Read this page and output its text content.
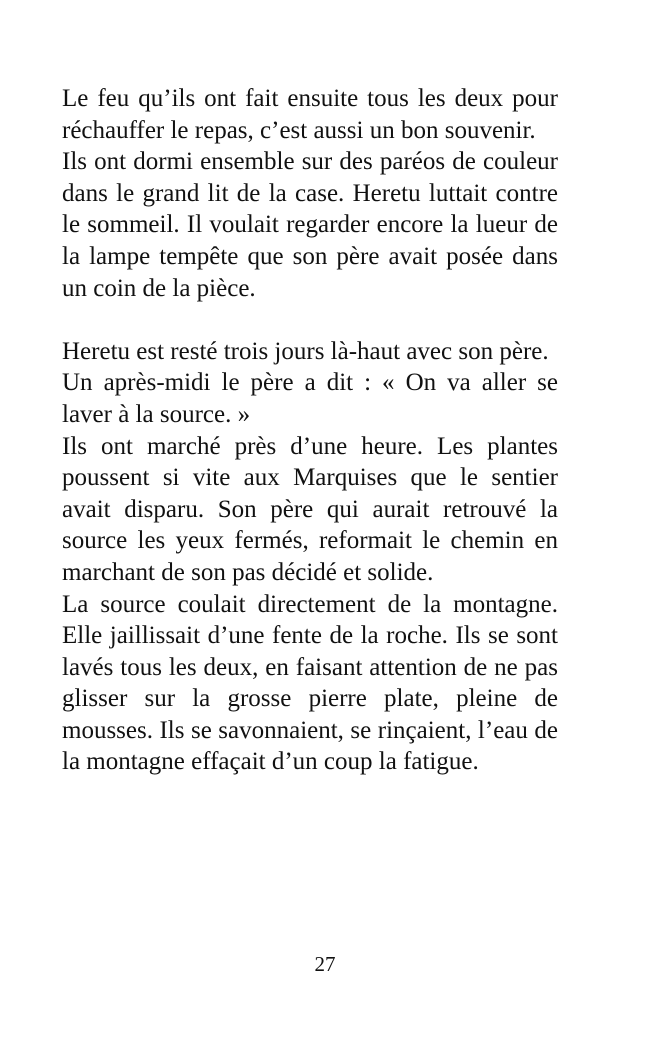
Le feu qu’ils ont fait ensuite tous les deux pour réchauffer le repas, c’est aussi un bon souvenir.

Ils ont dormi ensemble sur des paréos de couleur dans le grand lit de la case. Heretu luttait contre le sommeil. Il voulait regarder encore la lueur de la lampe tempête que son père avait posée dans un coin de la pièce.

Heretu est resté trois jours là-haut avec son père.

Un après-midi le père a dit : « On va aller se laver à la source. »

Ils ont marché près d’une heure. Les plantes poussent si vite aux Marquises que le sentier avait disparu. Son père qui aurait retrouvé la source les yeux fermés, reformait le chemin en marchant de son pas décidé et solide.

La source coulait directement de la montagne. Elle jaillissait d’une fente de la roche. Ils se sont lavés tous les deux, en faisant attention de ne pas glisser sur la grosse pierre plate, pleine de mousses. Ils se savonnaient, se rinçaient, l’eau de la montagne effaçait d’un coup la fatigue.

27
